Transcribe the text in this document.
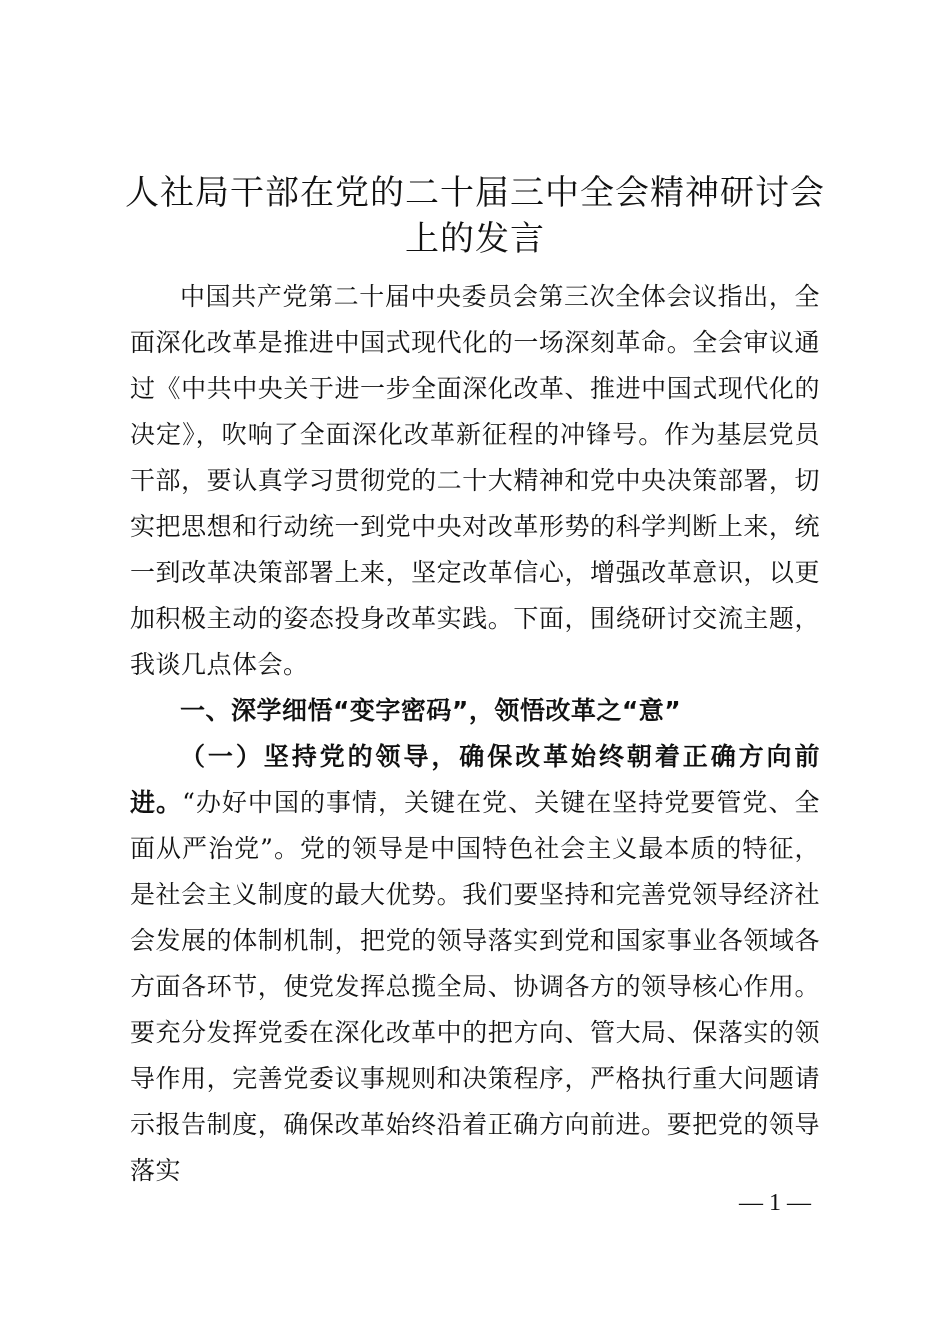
人社局干部在党的二十届三中全会精神研讨会
上的发言

中国共产党第二十届中央委员会第三次全体会议指出，全面深化改革是推进中国式现代化的一场深刻革命。全会审议通过《中共中央关于进一步全面深化改革、推进中国式现代化的决定》，吹响了全面深化改革新征程的冲锋号。作为基层党员干部，要认真学习贯彻党的二十大精神和党中央决策部署，切实把思想和行动统一到党中央对改革形势的科学判断上来，统一到改革决策部署上来，坚定改革信心，增强改革意识，以更加积极主动的姿态投身改革实践。下面，围绕研讨交流主题，我谈几点体会。

一、深学细悟“变字密码”，领悟改革之“意”

（一）坚持党的领导，确保改革始终朝着正确方向前进。“办好中国的事情，关键在党、关键在坚持党要管党、全面从严治党”。党的领导是中国特色社会主义最本质的特征，是社会主义制度的最大优势。我们要坚持和完善党领导经济社会发展的体制机制，把党的领导落实到党和国家事业各领域各方面各环节，使党发挥总揽全局、协调各方的领导核心作用。要充分发挥党委在深化改革中的把方向、管大局、保落实的领导作用，完善党委议事规则和决策程序，严格执行重大问题请示报告制度，确保改革始终沿着正确方向前进。要把党的领导落实

— 1 —
